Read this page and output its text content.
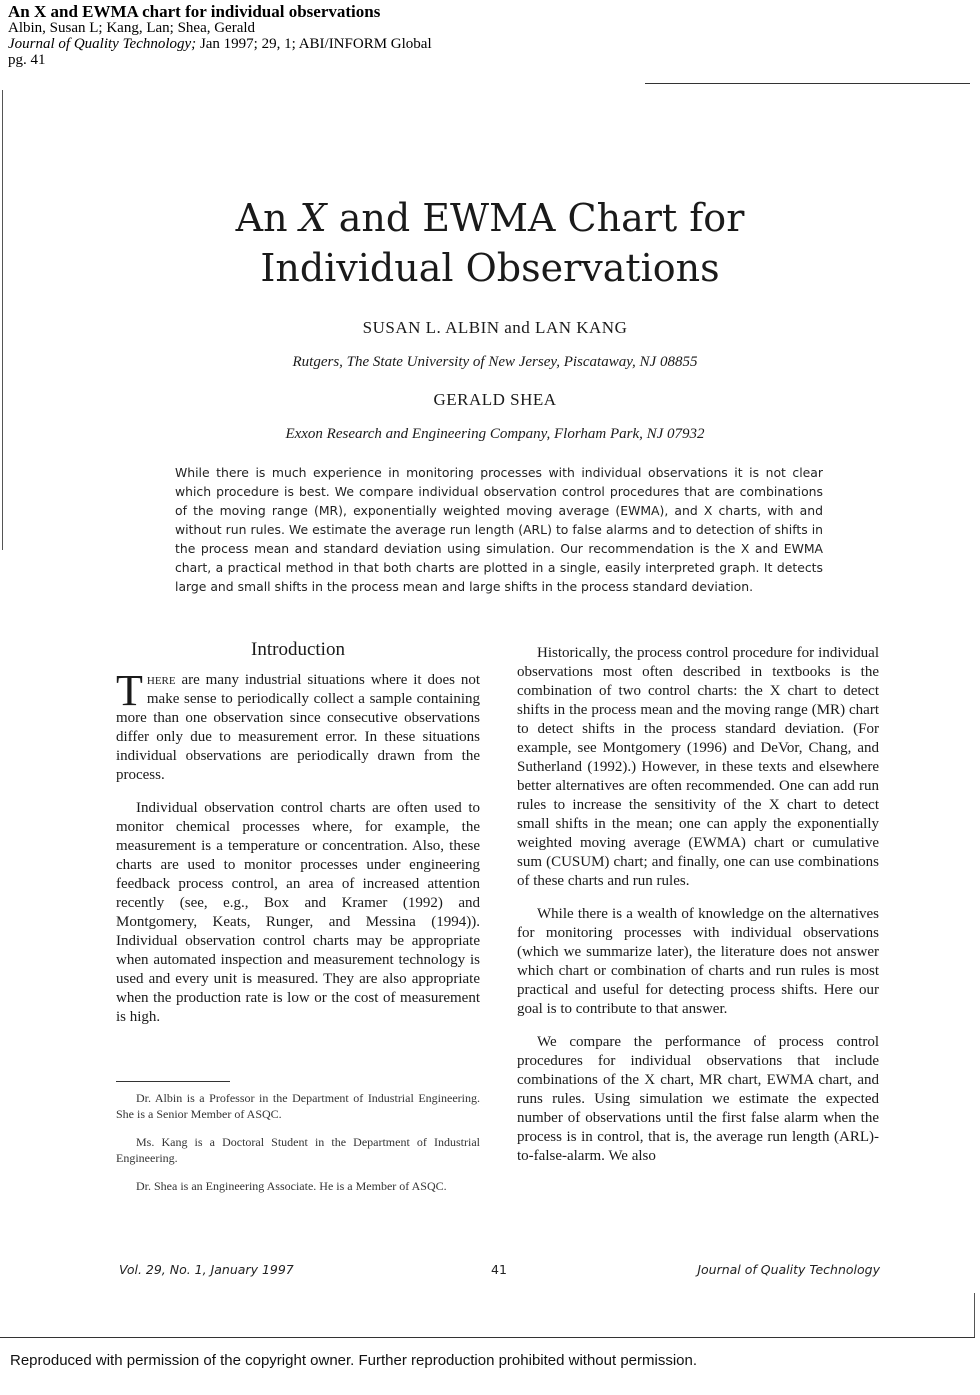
An X and EWMA chart for individual observations
Albin, Susan L; Kang, Lan; Shea, Gerald
Journal of Quality Technology; Jan 1997; 29, 1; ABI/INFORM Global
pg. 41
An X and EWMA Chart for
Individual Observations
SUSAN L. ALBIN and LAN KANG
Rutgers, The State University of New Jersey, Piscataway, NJ 08855
GERALD SHEA
Exxon Research and Engineering Company, Florham Park, NJ 07932
While there is much experience in monitoring processes with individual observations it is not clear which procedure is best. We compare individual observation control procedures that are combinations of the moving range (MR), exponentially weighted moving average (EWMA), and X charts, with and without run rules. We estimate the average run length (ARL) to false alarms and to detection of shifts in the process mean and standard deviation using simulation. Our recommendation is the X and EWMA chart, a practical method in that both charts are plotted in a single, easily interpreted graph. It detects large and small shifts in the process mean and large shifts in the process standard deviation.
Introduction

There are many industrial situations where it does not make sense to periodically collect a sample containing more than one observation since consecutive observations differ only due to measurement error. In these situations individual observations are periodically drawn from the process.

Individual observation control charts are often used to monitor chemical processes where, for example, the measurement is a temperature or concentration. Also, these charts are used to monitor processes under engineering feedback process control, an area of increased attention recently (see, e.g., Box and Kramer (1992) and Montgomery, Keats, Runger, and Messina (1994)). Individual observation control charts may be appropriate when automated inspection and measurement technology is used and every unit is measured. They are also appropriate when the production rate is low or the cost of measurement is high.

Dr. Albin is a Professor in the Department of Industrial Engineering. She is a Senior Member of ASQC.

Ms. Kang is a Doctoral Student in the Department of Industrial Engineering.

Dr. Shea is an Engineering Associate. He is a Member of ASQC.

Historically, the process control procedure for individual observations most often described in textbooks is the combination of two control charts: the X chart to detect shifts in the process mean and the moving range (MR) chart to detect shifts in the process standard deviation. (For example, see Montgomery (1996) and DeVor, Chang, and Sutherland (1992).) However, in these texts and elsewhere better alternatives are often recommended. One can add run rules to increase the sensitivity of the X chart to detect small shifts in the mean; one can apply the exponentially weighted moving average (EWMA) chart or cumulative sum (CUSUM) chart; and finally, one can use combinations of these charts and run rules.

While there is a wealth of knowledge on the alternatives for monitoring processes with individual observations (which we summarize later), the literature does not answer which chart or combination of charts and run rules is most practical and useful for detecting process shifts. Here our goal is to contribute to that answer.

We compare the performance of process control procedures for individual observations that include combinations of the X chart, MR chart, EWMA chart, and runs rules. Using simulation we estimate the expected number of observations until the first false alarm when the process is in control, that is, the average run length (ARL)-to-false-alarm. We also

Vol. 29, No. 1, January 1997	41	Journal of Quality Technology
Reproduced with permission of the copyright owner. Further reproduction prohibited without permission.
